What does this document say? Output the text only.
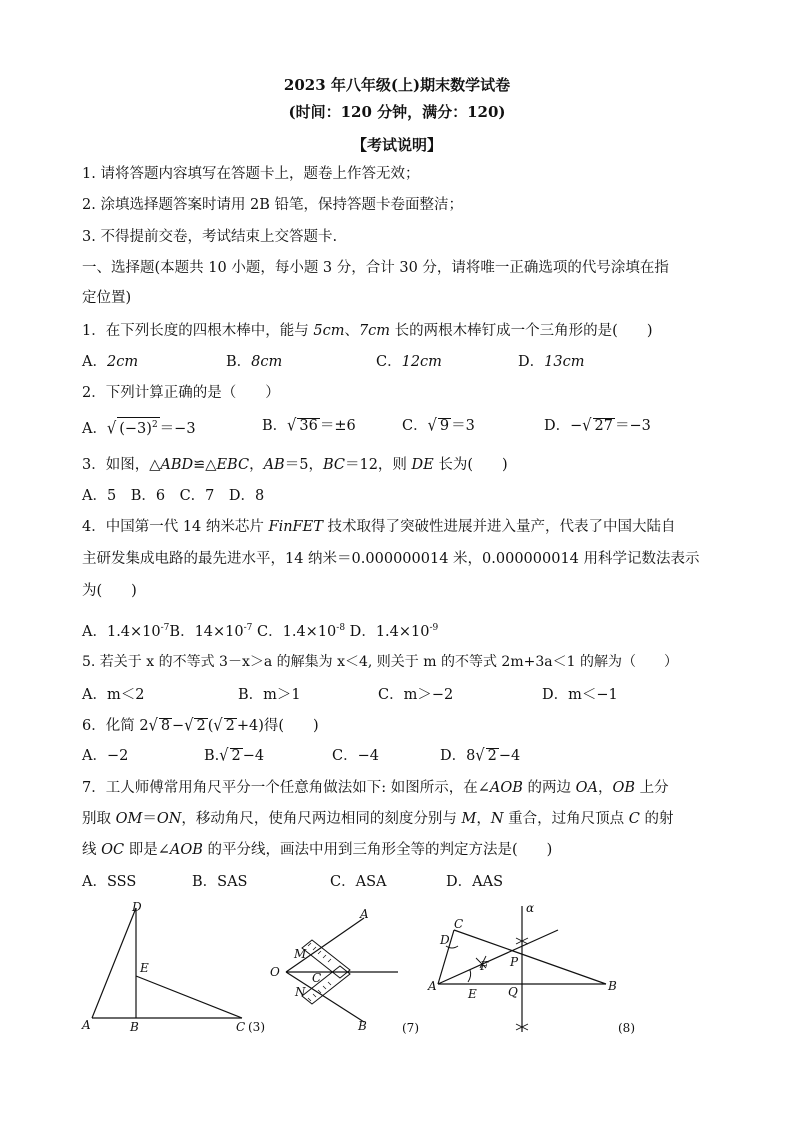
2023 年八年级(上)期末数学试卷
(时间：120 分钟，满分：120)
【考试说明】
1. 请将答题内容填写在答题卡上，题卷上作答无效；
2. 涂填选择题答案时请用 2B 铅笔，保持答题卡卷面整洁；
3. 不得提前交卷，考试结束上交答题卡.
一、选择题(本题共 10 小题，每小题 3 分，合计 30 分，请将唯一正确选项的代号涂填在指
定位置)
1．在下列长度的四根木棒中，能与 5cm、7cm 长的两根木棒钉成一个三角形的是(　　)
A．2cm	B．8cm	C．12cm	D．13cm
2．下列计算正确的是（　　）
A．√ $(-3)^2 =-3$	B．√ 36 ＝±6	C．√ 9 ＝3	D．−√ 27 ＝−3
3．如图，△ABD≌△EBC，AB＝5，BC＝12，则 DE 长为(　　)
A．5　B．6　C．7　D．8
4．中国第一代 14 纳米芯片 FinFET 技术取得了突破性进展并进入量产，代表了中国大陆自
主研发集成电路的最先进水平，14 纳米＝0.000000014 米，0.000000014 用科学记数法表示
为(　　)
A．$1.4\times 10^{-7}B$．$14\times 10^{-7}$ C．$1.4\times 10^{-8}$ D．$1.4\times 10^{-9}$
5. 若关于 x 的不等式 3－x＞a 的解集为 x＜4, 则关于 m 的不等式 2m+3a＜1 的解为（　　）
A．m＜2	B．m＞1	C．m＞−2	D．m＜−1
6．化简 2√ 8 −√ 2 (√ 2 +4)得(　　)
A．−2	B.√ 2 −4	C．−4	D．8√ 2 −4
7．工人师傅常用角尺平分一个任意角做法如下: 如图所示，在∠AOB 的两边 OA，OB 上分
别取 OM＝ON，移动角尺，使角尺两边相同的刻度分别与 M，N 重合，过角尺顶点 C 的射
线 OC 即是∠AOB 的平分线，画法中用到三角形全等的判定方法是(　　)
A．SSS	B．SAS	C．ASA	D．AAS
D
E
A	B	C (3)
A
O
M
N
C
B	(7)
α
C
D
F P
A
E	Q	B
(8)
